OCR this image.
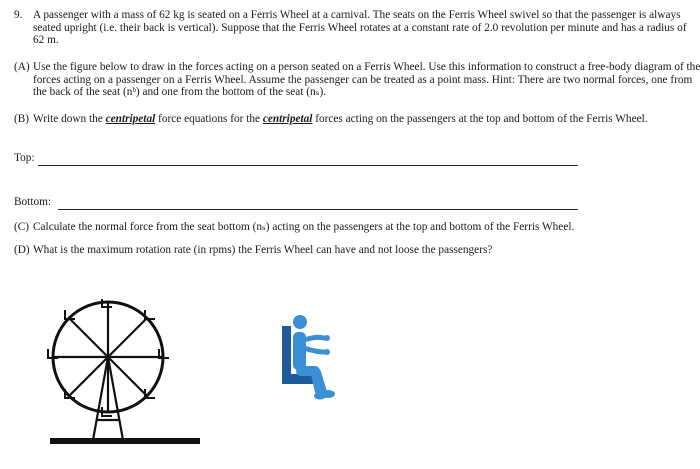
9. A passenger with a mass of 62 kg is seated on a Ferris Wheel at a carnival. The seats on the Ferris Wheel swivel so that the passenger is always seated upright (i.e. their back is vertical). Suppose that the Ferris Wheel rotates at a constant rate of 2.0 revolution per minute and has a radius of 62 m.
(A) Use the figure below to draw in the forces acting on a person seated on a Ferris Wheel. Use this information to construct a free-body diagram of the forces acting on a passenger on a Ferris Wheel. Assume the passenger can be treated as a point mass. Hint: There are two normal forces, one from the back of the seat (nᵇ) and one from the bottom of the seat (nₛ).
(B) Write down the centripetal force equations for the centripetal forces acting on the passengers at the top and bottom of the Ferris Wheel.
Top:
Bottom:
(C) Calculate the normal force from the seat bottom (nₛ) acting on the passengers at the top and bottom of the Ferris Wheel.
(D) What is the maximum rotation rate (in rpms) the Ferris Wheel can have and not loose the passengers?
